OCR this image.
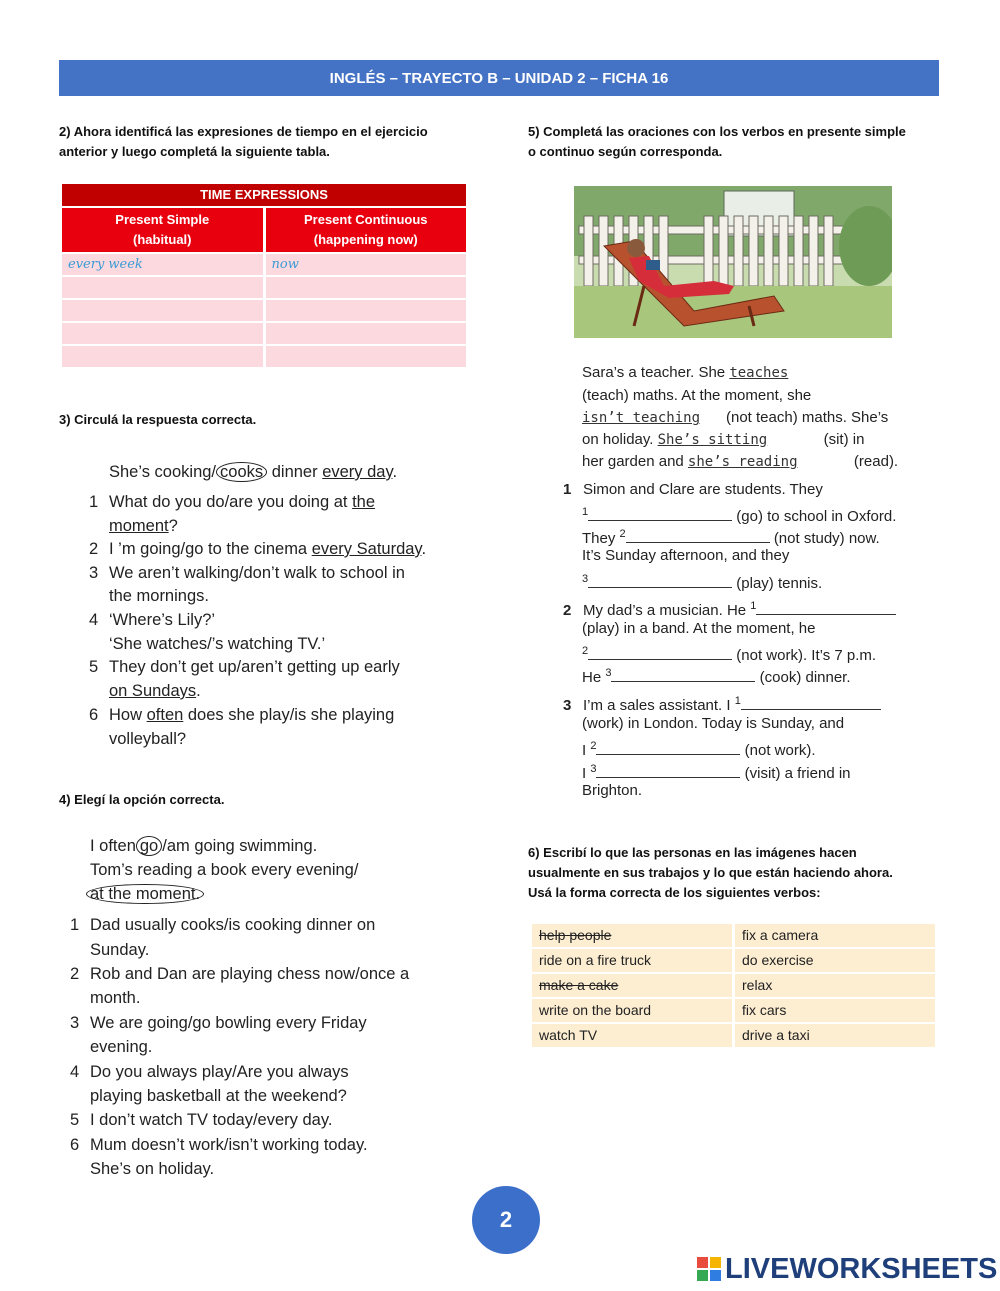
INGLÉS – TRAYECTO B – UNIDAD 2 – FICHA 16
2) Ahora identificá las expresiones de tiempo en el ejercicio
anterior y luego completá la siguiente tabla.
TIME EXPRESSIONS
Present Simple
(habitual)
Present Continuous
(happening now)
every week	now
3) Circulá la respuesta correcta.
She’s cooking/ cooks dinner every day.
1 What do you do/are you doing at the
moment?
2 I ’m going/go to the cinema every Saturday.
3 We aren’t walking/don’t walk to school in
the mornings.
4 ‘Where’s Lily?’
‘She watches/’s watching TV.’
5 They don’t get up/aren’t getting up early
on Sundays.
6 How often does she play/is she playing
volleyball?
4) Elegí la opción correcta.
I often go /am going swimming.
Tom’s reading a book every evening/
at the moment.
1 Dad usually cooks/is cooking dinner on
Sunday.
2 Rob and Dan are playing chess now/once a
month.
3 We are going/go bowling every Friday
evening.
4 Do you always play/Are you always
playing basketball at the weekend?
5 I don’t watch TV today/every day.
6 Mum doesn’t work/isn’t working today.
She’s on holiday.
5) Completá las oraciones con los verbos en presente simple
o continuo según corresponda.
Sara’s a teacher. She teaches
(teach) maths. At the moment, she
isn’t teaching (not teach) maths. She’s
on holiday. She’s sitting	(sit) in
her garden and she’s reading	(read).
1 Simon and Clare are students. They
$^1$	(go) to school in Oxford.
They $^2$	(not study) now.
It’s Sunday afternoon, and they
$^3$	(play) tennis.
2 My dad’s a musician. He $^1$
(play) in a band. At the moment, he
$^2$	(not work). It’s 7 p.m.
He $^3$	(cook) dinner.
3 I’m a sales assistant. I $^1$
(work) in London. Today is Sunday, and
I $^2$	(not work).
I $^3$	(visit) a friend in
Brighton.
6) Escribí lo que las personas en las imágenes hacen
usualmente en sus trabajos y lo que están haciendo ahora.
Usá la forma correcta de los siguientes verbos:
help people	fix a camera
ride on a fire truck	do exercise
make a cake	relax
write on the board	fix cars
watch TV	drive a taxi
2
LIVEWORKSHEETS
